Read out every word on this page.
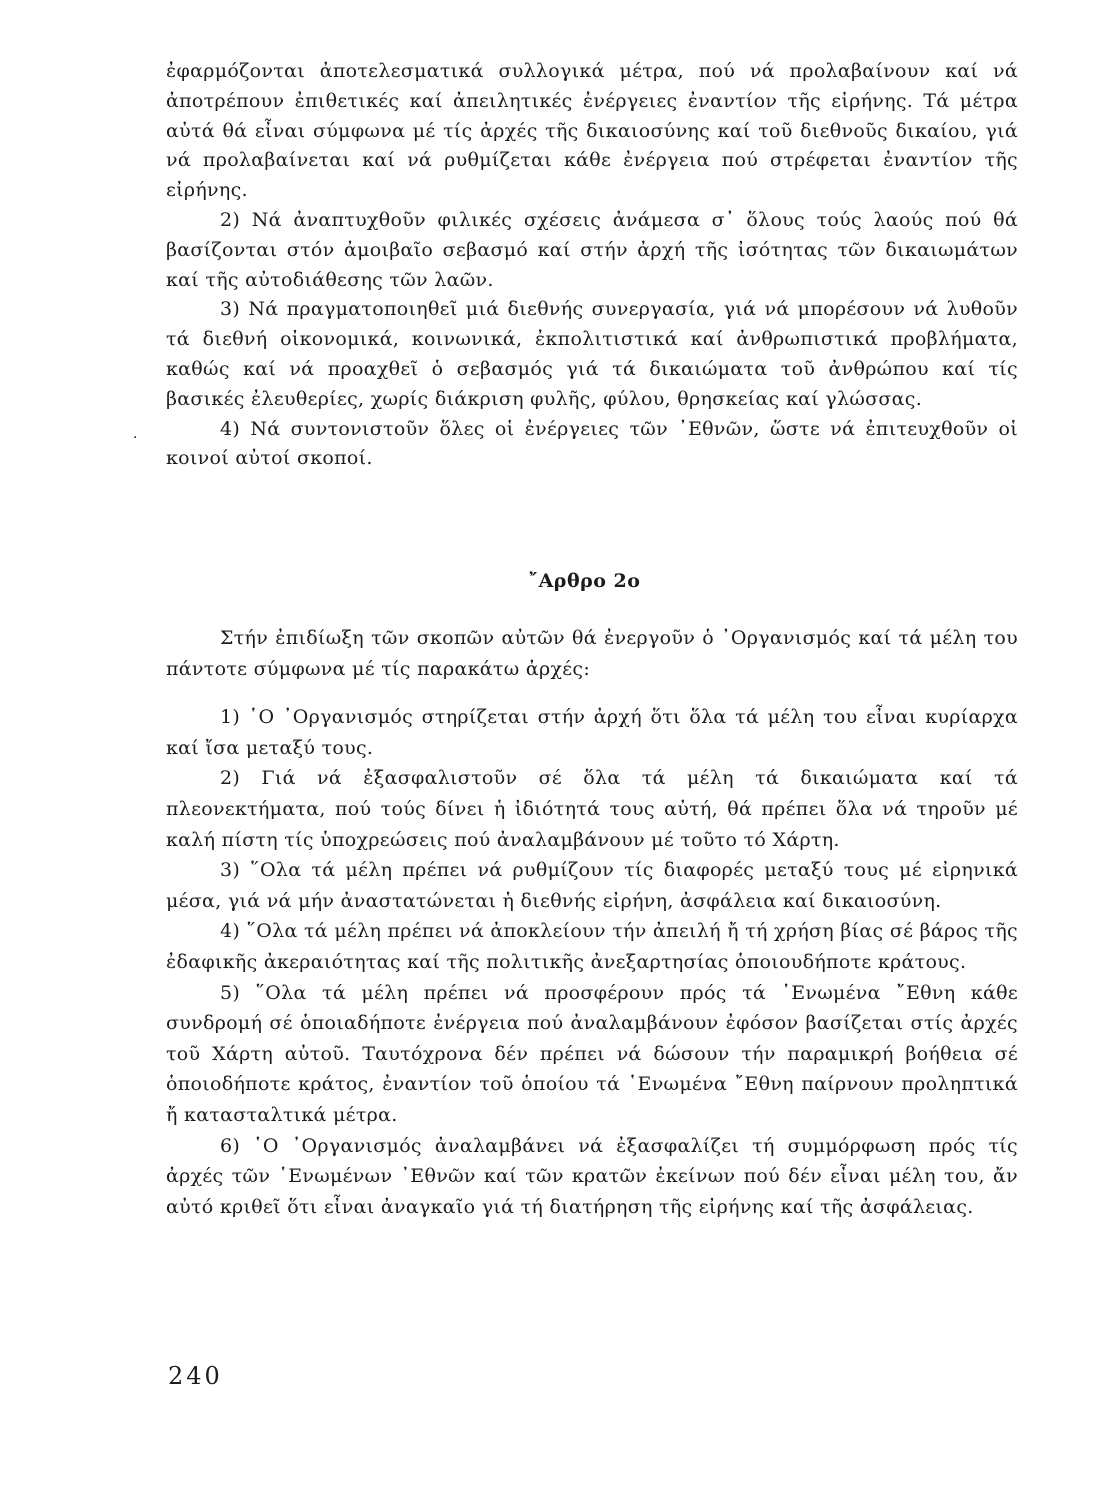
ἐφαρμόζονται ἀποτελεσματικά συλλογικά μέτρα, πού νά προλαβαίνουν καί νά ἀποτρέπουν ἐπιθετικές καί ἀπειλητικές ἐνέργειες ἐναντίον τῆς εἰρήνης. Τά μέτρα αὐτά θά εἶναι σύμφωνα μέ τίς ἀρχές τῆς δικαιοσύνης καί τοῦ διεθνοῦς δικαίου, γιά νά προλαβαίνεται καί νά ρυθμίζεται κάθε ἐνέργεια πού στρέφεται ἐναντίον τῆς εἰρήνης.

2) Νά ἀναπτυχθοῦν φιλικές σχέσεις ἀνάμεσα σ᾽ ὅλους τούς λαούς πού θά βασίζονται στόν ἀμοιβαῖο σεβασμό καί στήν ἀρχή τῆς ἰσότητας τῶν δικαιωμάτων καί τῆς αὐτοδιάθεσης τῶν λαῶν.

3) Νά πραγματοποιηθεῖ μιά διεθνής συνεργασία, γιά νά μπορέσουν νά λυθοῦν τά διεθνή οἰκονομικά, κοινωνικά, ἐκπολιτιστικά καί ἀνθρωπιστικά προβλήματα, καθώς καί νά προαχθεῖ ὁ σεβασμός γιά τά δικαιώματα τοῦ ἀνθρώπου καί τίς βασικές ἐλευθερίες, χωρίς διάκριση φυλῆς, φύλου, θρησκείας καί γλώσσας.

4) Νά συντονιστοῦν ὅλες οἱ ἐνέργειες τῶν ᾽Εθνῶν, ὥστε νά ἐπιτευχθοῦν οἱ κοινοί αὐτοί σκοποί.

·
῎Αρθρο 2ο

Στήν ἐπιδίωξη τῶν σκοπῶν αὐτῶν θά ἐνεργοῦν ὁ ᾽Οργανισμός καί τά μέλη του πάντοτε σύμφωνα μέ τίς παρακάτω ἀρχές:

1) ῾Ο ᾽Οργανισμός στηρίζεται στήν ἀρχή ὅτι ὅλα τά μέλη του εἶναι κυρίαρχα καί ἴσα μεταξύ τους.

2) Γιά νά ἐξασφαλιστοῦν σέ ὅλα τά μέλη τά δικαιώματα καί τά πλεονεκτήματα, πού τούς δίνει ἡ ἰδιότητά τους αὐτή, θά πρέπει ὅλα νά τηροῦν μέ καλή πίστη τίς ὑποχρεώσεις πού ἀναλαμβάνουν μέ τοῦτο τό Χάρτη.

3) ῞Ολα τά μέλη πρέπει νά ρυθμίζουν τίς διαφορές μεταξύ τους μέ εἰρηνικά μέσα, γιά νά μήν ἀναστατώνεται ἡ διεθνής εἰρήνη, ἀσφάλεια καί δικαιοσύνη.

4) ῞Ολα τά μέλη πρέπει νά ἀποκλείουν τήν ἀπειλή ἤ τή χρήση βίας σέ βάρος τῆς ἐδαφικῆς ἀκεραιότητας καί τῆς πολιτικῆς ἀνεξαρτησίας ὁποιουδήποτε κράτους.

5) ῞Ολα τά μέλη πρέπει νά προσφέρουν πρός τά ῾Ενωμένα ῎Εθνη κάθε συνδρομή σέ ὁποιαδήποτε ἐνέργεια πού ἀναλαμβάνουν ἐφόσον βασίζεται στίς ἀρχές τοῦ Χάρτη αὐτοῦ. Ταυτόχρονα δέν πρέπει νά δώσουν τήν παραμικρή βοήθεια σέ ὁποιοδήποτε κράτος, ἐναντίον τοῦ ὁποίου τά ῾Ενωμένα ῎Εθνη παίρνουν προληπτικά ἤ κατασταλτικά μέτρα.

6) ῾Ο ᾽Οργανισμός ἀναλαμβάνει νά ἐξασφαλίζει τή συμμόρφωση πρός τίς ἀρχές τῶν ῾Ενωμένων ᾽Εθνῶν καί τῶν κρατῶν ἐκείνων πού δέν εἶναι μέλη του, ἄν αὐτό κριθεῖ ὅτι εἶναι ἀναγκαῖο γιά τή διατήρηση τῆς εἰρήνης καί τῆς ἀσφάλειας.

240
